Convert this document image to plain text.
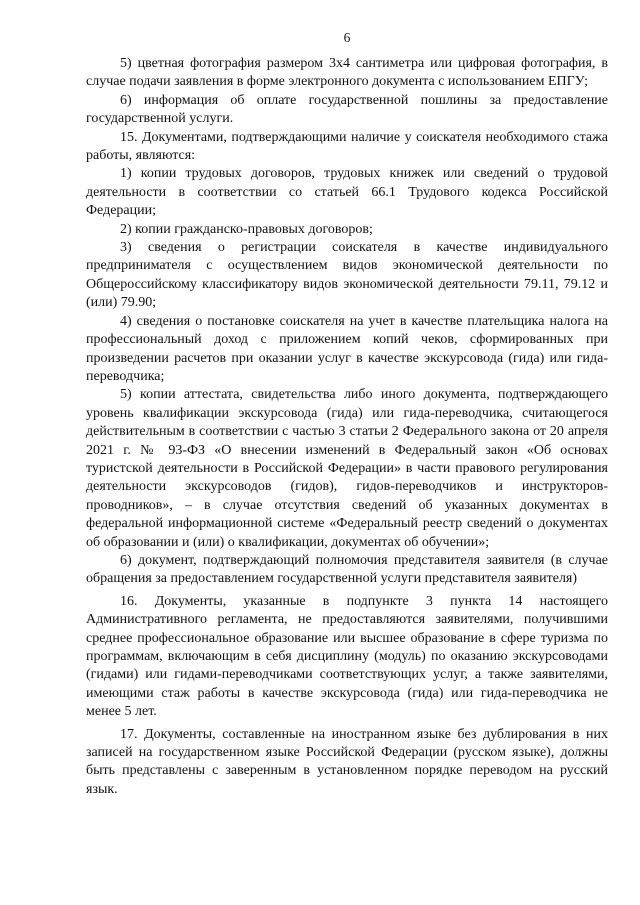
6

5) цветная фотография размером 3х4 сантиметра или цифровая фотография, в случае подачи заявления в форме электронного документа с использованием ЕПГУ;

6) информация об оплате государственной пошлины за предоставление государственной услуги.

15. Документами, подтверждающими наличие у соискателя необходимого стажа работы, являются:

1) копии трудовых договоров, трудовых книжек или сведений о трудовой деятельности в соответствии со статьей 66.1 Трудового кодекса Российской Федерации;

2) копии гражданско-правовых договоров;

3) сведения о регистрации соискателя в качестве индивидуального предпринимателя с осуществлением видов экономической деятельности по Общероссийскому классификатору видов экономической деятельности 79.11, 79.12 и (или) 79.90;

4) сведения о постановке соискателя на учет в качестве плательщика налога на профессиональный доход с приложением копий чеков, сформированных при произведении расчетов при оказании услуг в качестве экскурсовода (гида) или гида-переводчика;

5) копии аттестата, свидетельства либо иного документа, подтверждающего уровень квалификации экскурсовода (гида) или гида-переводчика, считающегося действительным в соответствии с частью 3 статьи 2 Федерального закона от 20 апреля 2021 г. № 93-ФЗ «О внесении изменений в Федеральный закон «Об основах туристской деятельности в Российской Федерации» в части правового регулирования деятельности экскурсоводов (гидов), гидов-переводчиков и инструкторов-проводников», – в случае отсутствия сведений об указанных документах в федеральной информационной системе «Федеральный реестр сведений о документах об образовании и (или) о квалификации, документах об обучении»;

6) документ, подтверждающий полномочия представителя заявителя (в случае обращения за предоставлением государственной услуги представителя заявителя)

16. Документы, указанные в подпункте 3 пункта 14 настоящего Административного регламента, не предоставляются заявителями, получившими среднее профессиональное образование или высшее образование в сфере туризма по программам, включающим в себя дисциплину (модуль) по оказанию экскурсоводами (гидами) или гидами-переводчиками соответствующих услуг, а также заявителями, имеющими стаж работы в качестве экскурсовода (гида) или гида-переводчика не менее 5 лет.

17. Документы, составленные на иностранном языке без дублирования в них записей на государственном языке Российской Федерации (русском языке), должны быть представлены с заверенным в установленном порядке переводом на русский язык.
